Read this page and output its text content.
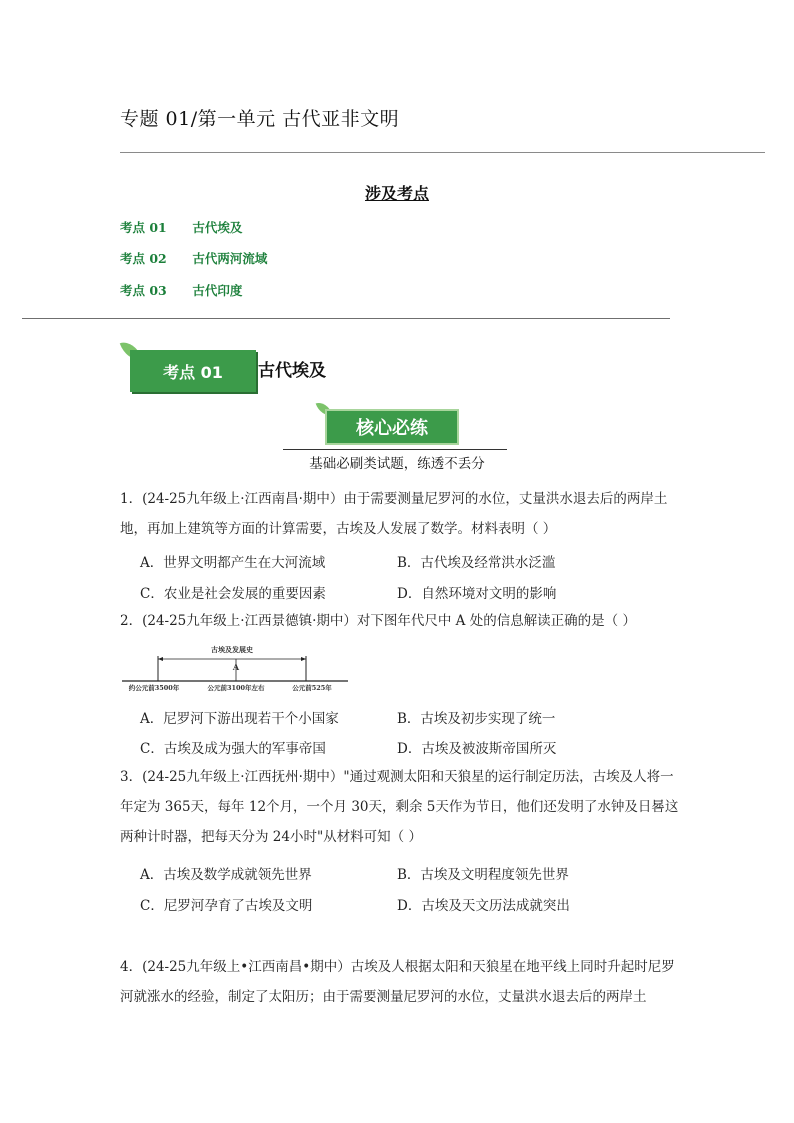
专题 01/第一单元 古代亚非文明
涉及考点
考点 01 古代埃及
考点 02 古代两河流域
考点 03 古代印度
考点 01	古代埃及
核心必练
基础必刷类试题，练透不丢分
1．(24-25九年级上·江西南昌·期中）由于需要测量尼罗河的水位，丈量洪水退去后的两岸土地，再加上建筑等方面的计算需要，古埃及人发展了数学。材料表明（ ）
A．世界文明都产生在大河流域	B．古代埃及经常洪水泛滥
C．农业是社会发展的重要因素	D．自然环境对文明的影响
2．(24-25九年级上·江西景德镇·期中）对下图年代尺中 A 处的信息解读正确的是（ ）
古埃及发展史
A
约公元前3500年	公元前3100年左右	公元前525年
A．尼罗河下游出现若干个小国家	B．古埃及初步实现了统一
C．古埃及成为强大的军事帝国	D．古埃及被波斯帝国所灭
3．(24-25九年级上·江西抚州·期中）"通过观测太阳和天狼星的运行制定历法，古埃及人将一年定为 365天，每年 12个月，一个月 30天，剩余 5天作为节日，他们还发明了水钟及日晷这两种计时器，把每天分为 24小时"从材料可知（ ）
A．古埃及数学成就领先世界	B．古埃及文明程度领先世界
C．尼罗河孕育了古埃及文明	D．古埃及天文历法成就突出
4．(24-25九年级上•江西南昌•期中）古埃及人根据太阳和天狼星在地平线上同时升起时尼罗河就涨水的经验，制定了太阳历；由于需要测量尼罗河的水位，丈量洪水退去后的两岸土
